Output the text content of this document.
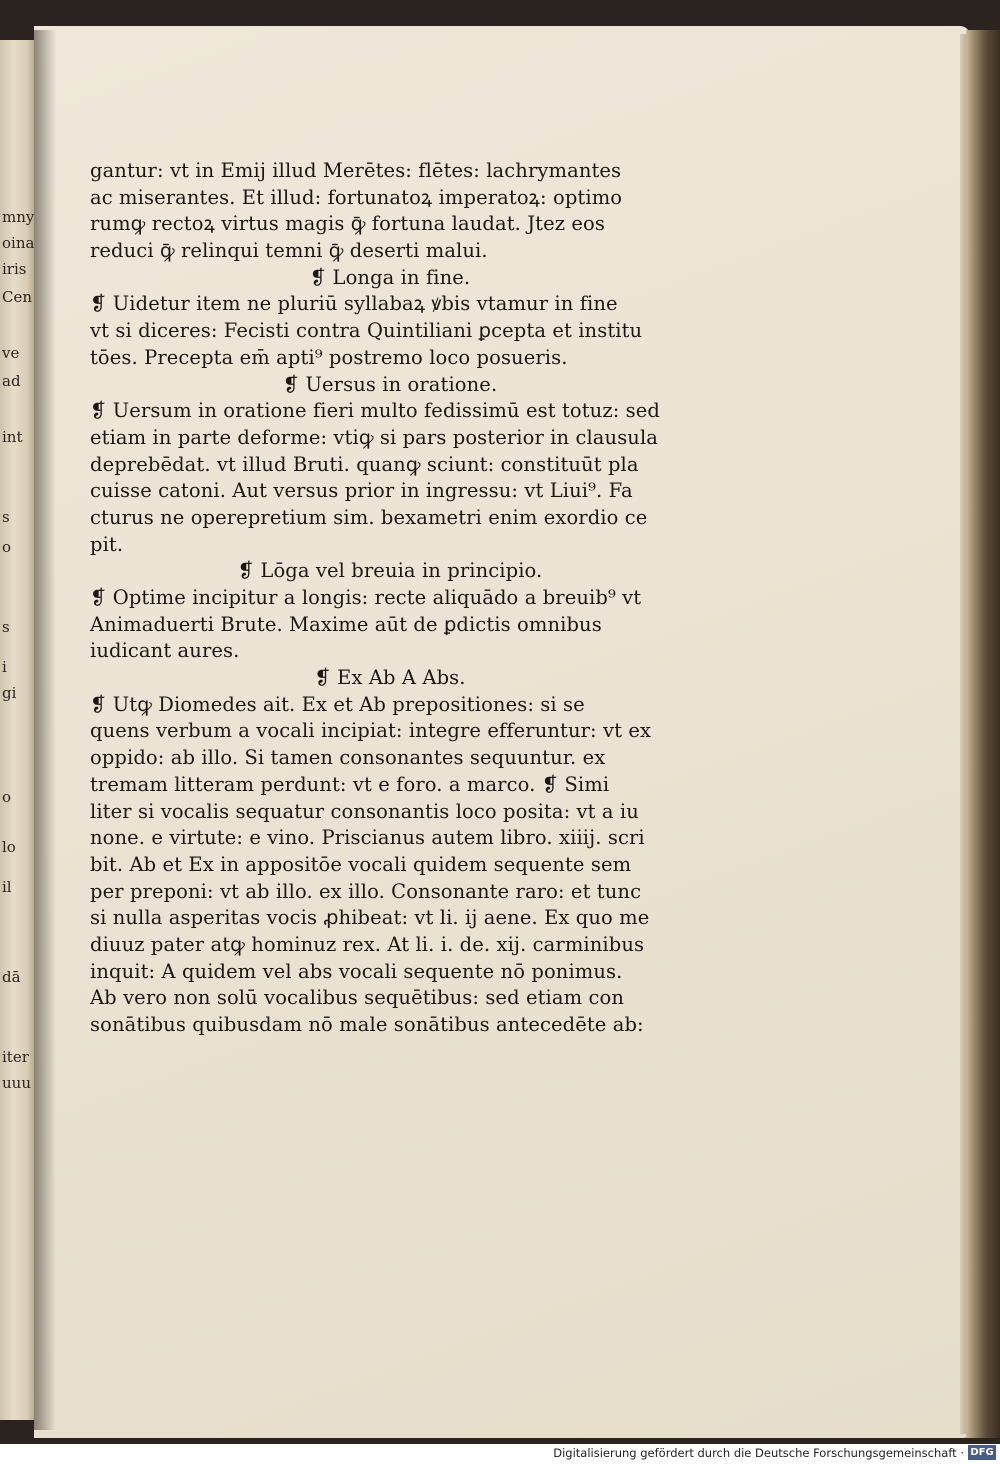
mny
oina
iris
Cen
ve
ad
int
s
o
s
i
gi
o
lo
il
dā
iter
uuu
gantur: vt in Emij illud Merētes: flētes: lachrymantes
ac miserantes. Et illud: fortunatoꝝ imperatoꝝ: optimo
rumꝙ rectoꝝ virtus magis ꝙ̄ fortuna laudat. Jtez eos
reduci ꝙ̄ relinqui temni ꝙ̄ deserti malui.
❡ Longa in fine.
❡ Uidetur item ne pluriū syllabaꝝ ꝟbis vtamur in fine
vt si diceres: Fecisti contra Quintiliani ꝑcepta et institu
tōes. Precepta em̄ apti⁹ postremo loco posueris.
❡ Uersus in oratione.
❡ Uersum in oratione fieri multo fedissimū est totuz: sed
etiam in parte deforme: vtiꝙ si pars posterior in clausula
deprebēdat. vt illud Bruti. quanꝙ sciunt: constituūt pla
cuisse catoni. Aut versus prior in ingressu: vt Liui⁹. Fa
cturus ne operepretium sim. bexametri enim exordio ce
pit.
❡ Lōga vel breuia in principio.
❡ Optime incipitur a longis: recte aliquādo a breuib⁹ vt
Animaduerti Brute. Maxime aūt de ꝑdictis omnibus
iudicant aures.
❡ Ex Ab A Abs.
❡ Utꝙ Diomedes ait. Ex et Ab prepositiones: si se
quens verbum a vocali incipiat: integre efferuntur: vt ex
oppido: ab illo. Si tamen consonantes sequuntur. ex
tremam litteram perdunt: vt e foro. a marco. ❡ Simi
liter si vocalis sequatur consonantis loco posita: vt a iu
none. e virtute: e vino. Priscianus autem libro. xiiij. scri
bit. Ab et Ex in appositōe vocali quidem sequente sem
per preponi: vt ab illo. ex illo. Consonante raro: et tunc
si nulla asperitas vocis ꝓhibeat: vt li. ij aene. Ex quo me
diuuz pater atꝙ hominuz rex. At li. i. de. xij. carminibus
inquit: A quidem vel abs vocali sequente nō ponimus.
Ab vero non solū vocalibus sequētibus: sed etiam con
sonātibus quibusdam nō male sonātibus antecedēte ab:
Digitalisierung gefördert durch die Deutsche Forschungsgemeinschaft · DFG
